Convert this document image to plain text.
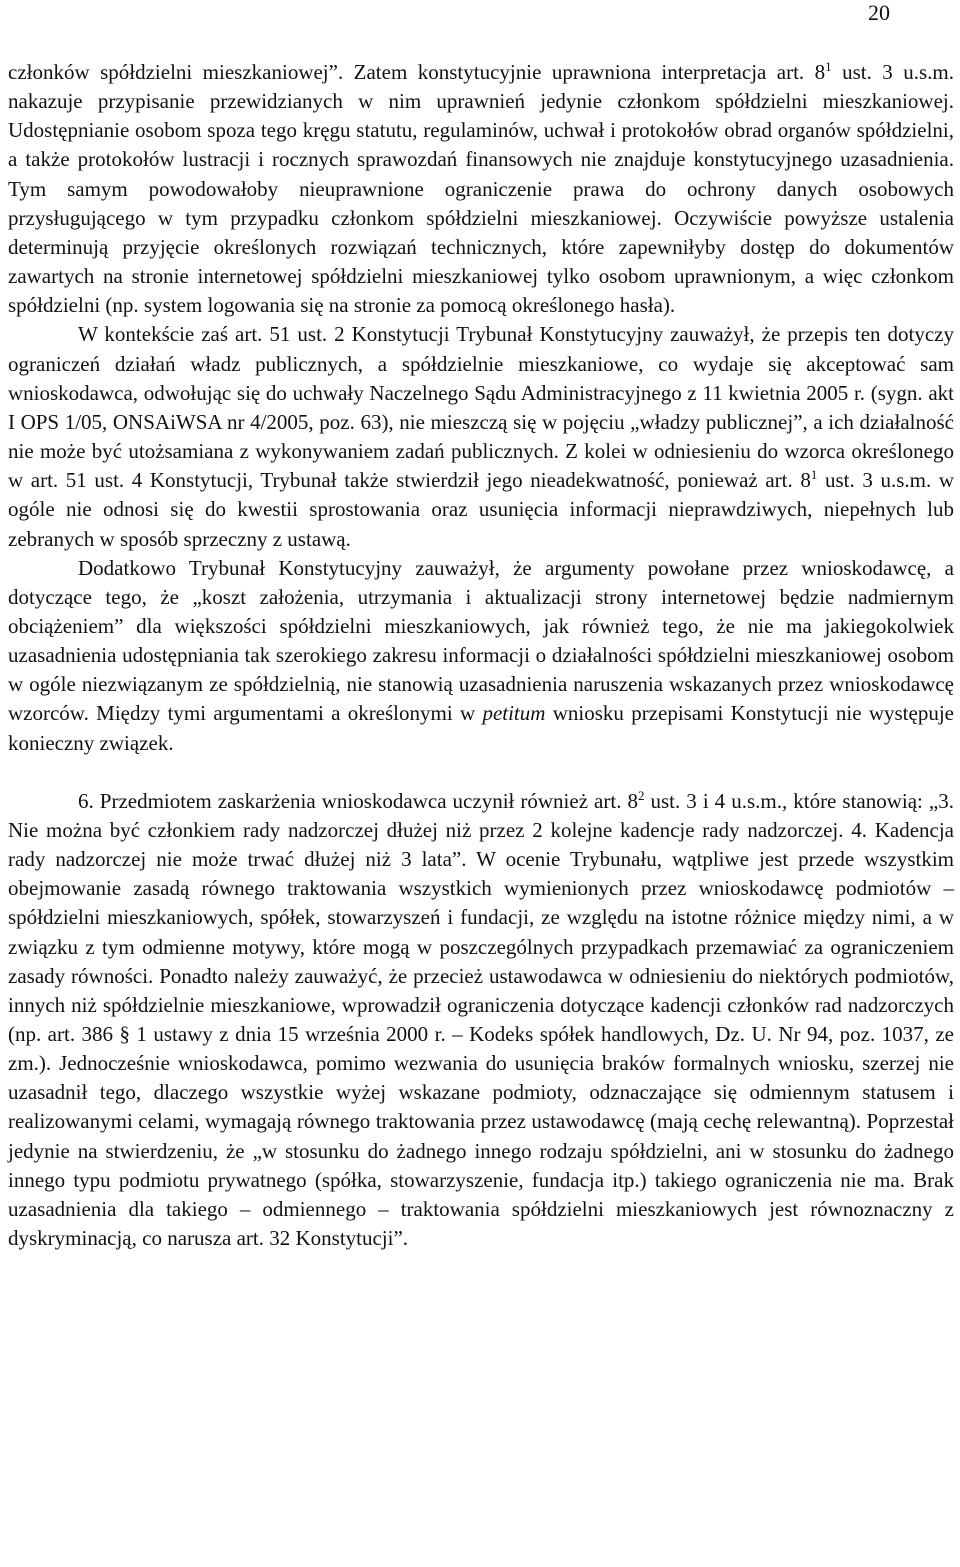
20

członków spółdzielni mieszkaniowej”. Zatem konstytucyjnie uprawniona interpretacja art. $8^1$ ust. 3 u.s.m. nakazuje przypisanie przewidzianych w nim uprawnień jedynie członkom spółdzielni mieszkaniowej. Udostępnianie osobom spoza tego kręgu statutu, regulaminów, uchwał i protokołów obrad organów spółdzielni, a także protokołów lustracji i rocznych sprawozdań finansowych nie znajduje konstytucyjnego uzasadnienia. Tym samym powodowałoby nieuprawnione ograniczenie prawa do ochrony danych osobowych przysługującego w tym przypadku członkom spółdzielni mieszkaniowej. Oczywiście powyższe ustalenia determinują przyjęcie określonych rozwiązań technicznych, które zapewniłyby dostęp do dokumentów zawartych na stronie internetowej spółdzielni mieszkaniowej tylko osobom uprawnionym, a więc członkom spółdzielni (np. system logowania się na stronie za pomocą określonego hasła).

W kontekście zaś art. 51 ust. 2 Konstytucji Trybunał Konstytucyjny zauważył, że przepis ten dotyczy ograniczeń działań władz publicznych, a spółdzielnie mieszkaniowe, co wydaje się akceptować sam wnioskodawca, odwołując się do uchwały Naczelnego Sądu Administracyjnego z 11 kwietnia 2005 r. (sygn. akt I OPS 1/05, ONSAiWSA nr 4/2005, poz. 63), nie mieszczą się w pojęciu „władzy publicznej”, a ich działalność nie może być utożsamiana z wykonywaniem zadań publicznych. Z kolei w odniesieniu do wzorca określonego w art. 51 ust. 4 Konstytucji, Trybunał także stwierdził jego nieadekwatność, ponieważ art. $8^1$ ust. 3 u.s.m. w ogóle nie odnosi się do kwestii sprostowania oraz usunięcia informacji nieprawdziwych, niepełnych lub zebranych w sposób sprzeczny z ustawą.

Dodatkowo Trybunał Konstytucyjny zauważył, że argumenty powołane przez wnioskodawcę, a dotyczące tego, że „koszt założenia, utrzymania i aktualizacji strony internetowej będzie nadmiernym obciążeniem” dla większości spółdzielni mieszkaniowych, jak również tego, że nie ma jakiegokolwiek uzasadnienia udostępniania tak szerokiego zakresu informacji o działalności spółdzielni mieszkaniowej osobom w ogóle niezwiązanym ze spółdzielnią, nie stanowią uzasadnienia naruszenia wskazanych przez wnioskodawcę wzorców. Między tymi argumentami a określonymi w petitum wniosku przepisami Konstytucji nie występuje konieczny związek.

6. Przedmiotem zaskarżenia wnioskodawca uczynił również art. $8^2$ ust. 3 i 4 u.s.m., które stanowią: „3. Nie można być członkiem rady nadzorczej dłużej niż przez 2 kolejne kadencje rady nadzorczej. 4. Kadencja rady nadzorczej nie może trwać dłużej niż 3 lata”. W ocenie Trybunału, wątpliwe jest przede wszystkim obejmowanie zasadą równego traktowania wszystkich wymienionych przez wnioskodawcę podmiotów – spółdzielni mieszkaniowych, spółek, stowarzyszeń i fundacji, ze względu na istotne różnice między nimi, a w związku z tym odmienne motywy, które mogą w poszczególnych przypadkach przemawiać za ograniczeniem zasady równości. Ponadto należy zauważyć, że przecież ustawodawca w odniesieniu do niektórych podmiotów, innych niż spółdzielnie mieszkaniowe, wprowadził ograniczenia dotyczące kadencji członków rad nadzorczych (np. art. 386 § 1 ustawy z dnia 15 września 2000 r. – Kodeks spółek handlowych, Dz. U. Nr 94, poz. 1037, ze zm.). Jednocześnie wnioskodawca, pomimo wezwania do usunięcia braków formalnych wniosku, szerzej nie uzasadnił tego, dlaczego wszystkie wyżej wskazane podmioty, odznaczające się odmiennym statusem i realizowanymi celami, wymagają równego traktowania przez ustawodawcę (mają cechę relewantną). Poprzestał jedynie na stwierdzeniu, że „w stosunku do żadnego innego rodzaju spółdzielni, ani w stosunku do żadnego innego typu podmiotu prywatnego (spółka, stowarzyszenie, fundacja itp.) takiego ograniczenia nie ma. Brak uzasadnienia dla takiego – odmiennego – traktowania spółdzielni mieszkaniowych jest równoznaczny z dyskryminacją, co narusza art. 32 Konstytucji”.
